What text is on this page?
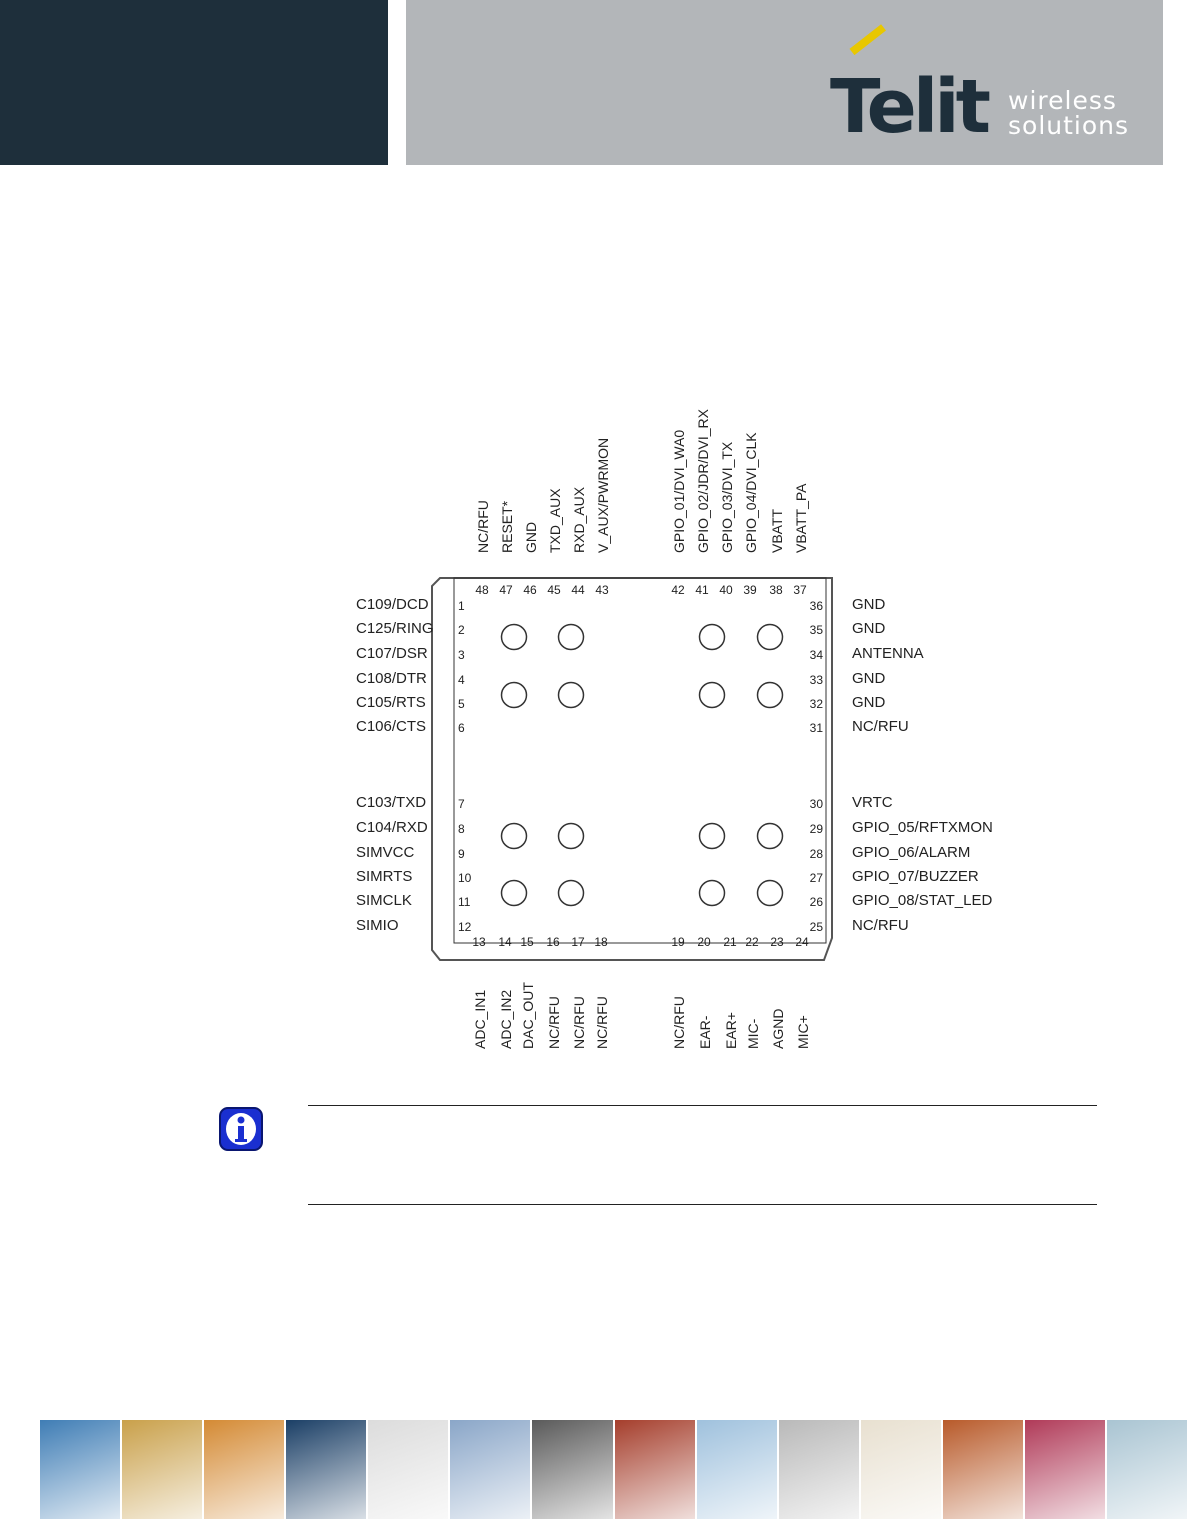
Telit wireless
solutions
NC/RFU
48
RESET*
47
GND
46
TXD_AUX
45
RXD_AUX
44
V_AUX/PWRMON
43
GPIO_01/DVI_WA0
42
GPIO_02/JDR/DVI_RX
41
GPIO_03/DVI_TX
40
GPIO_04/DVI_CLK
39
VBATT
38
VBATT_PA
37
13
ADC_IN1
14
ADC_IN2
15
DAC_OUT
16
NC/RFU
17
NC/RFU
18
NC/RFU
19
NC/RFU
20
EAR-
21
EAR+
22
MIC-
23
AGND
24
MIC+
C109/DCD 1
C125/RING 2
C107/DSR	3
C108/DTR	4
C105/RTS	5
C106/CTS	6
C103/TXD	7
C104/RXD	8
SIMVCC	9
SIMRTS	10
SIMCLK	11
SIMIO	12
36 GND
35 GND
34 ANTENNA
33 GND
32 GND
31 NC/RFU
30 VRTC
29 GPIO_05/RFTXMON
28 GPIO_06/ALARM
27 GPIO_07/BUZZER
26 GPIO_08/STAT_LED
25 NC/RFU
